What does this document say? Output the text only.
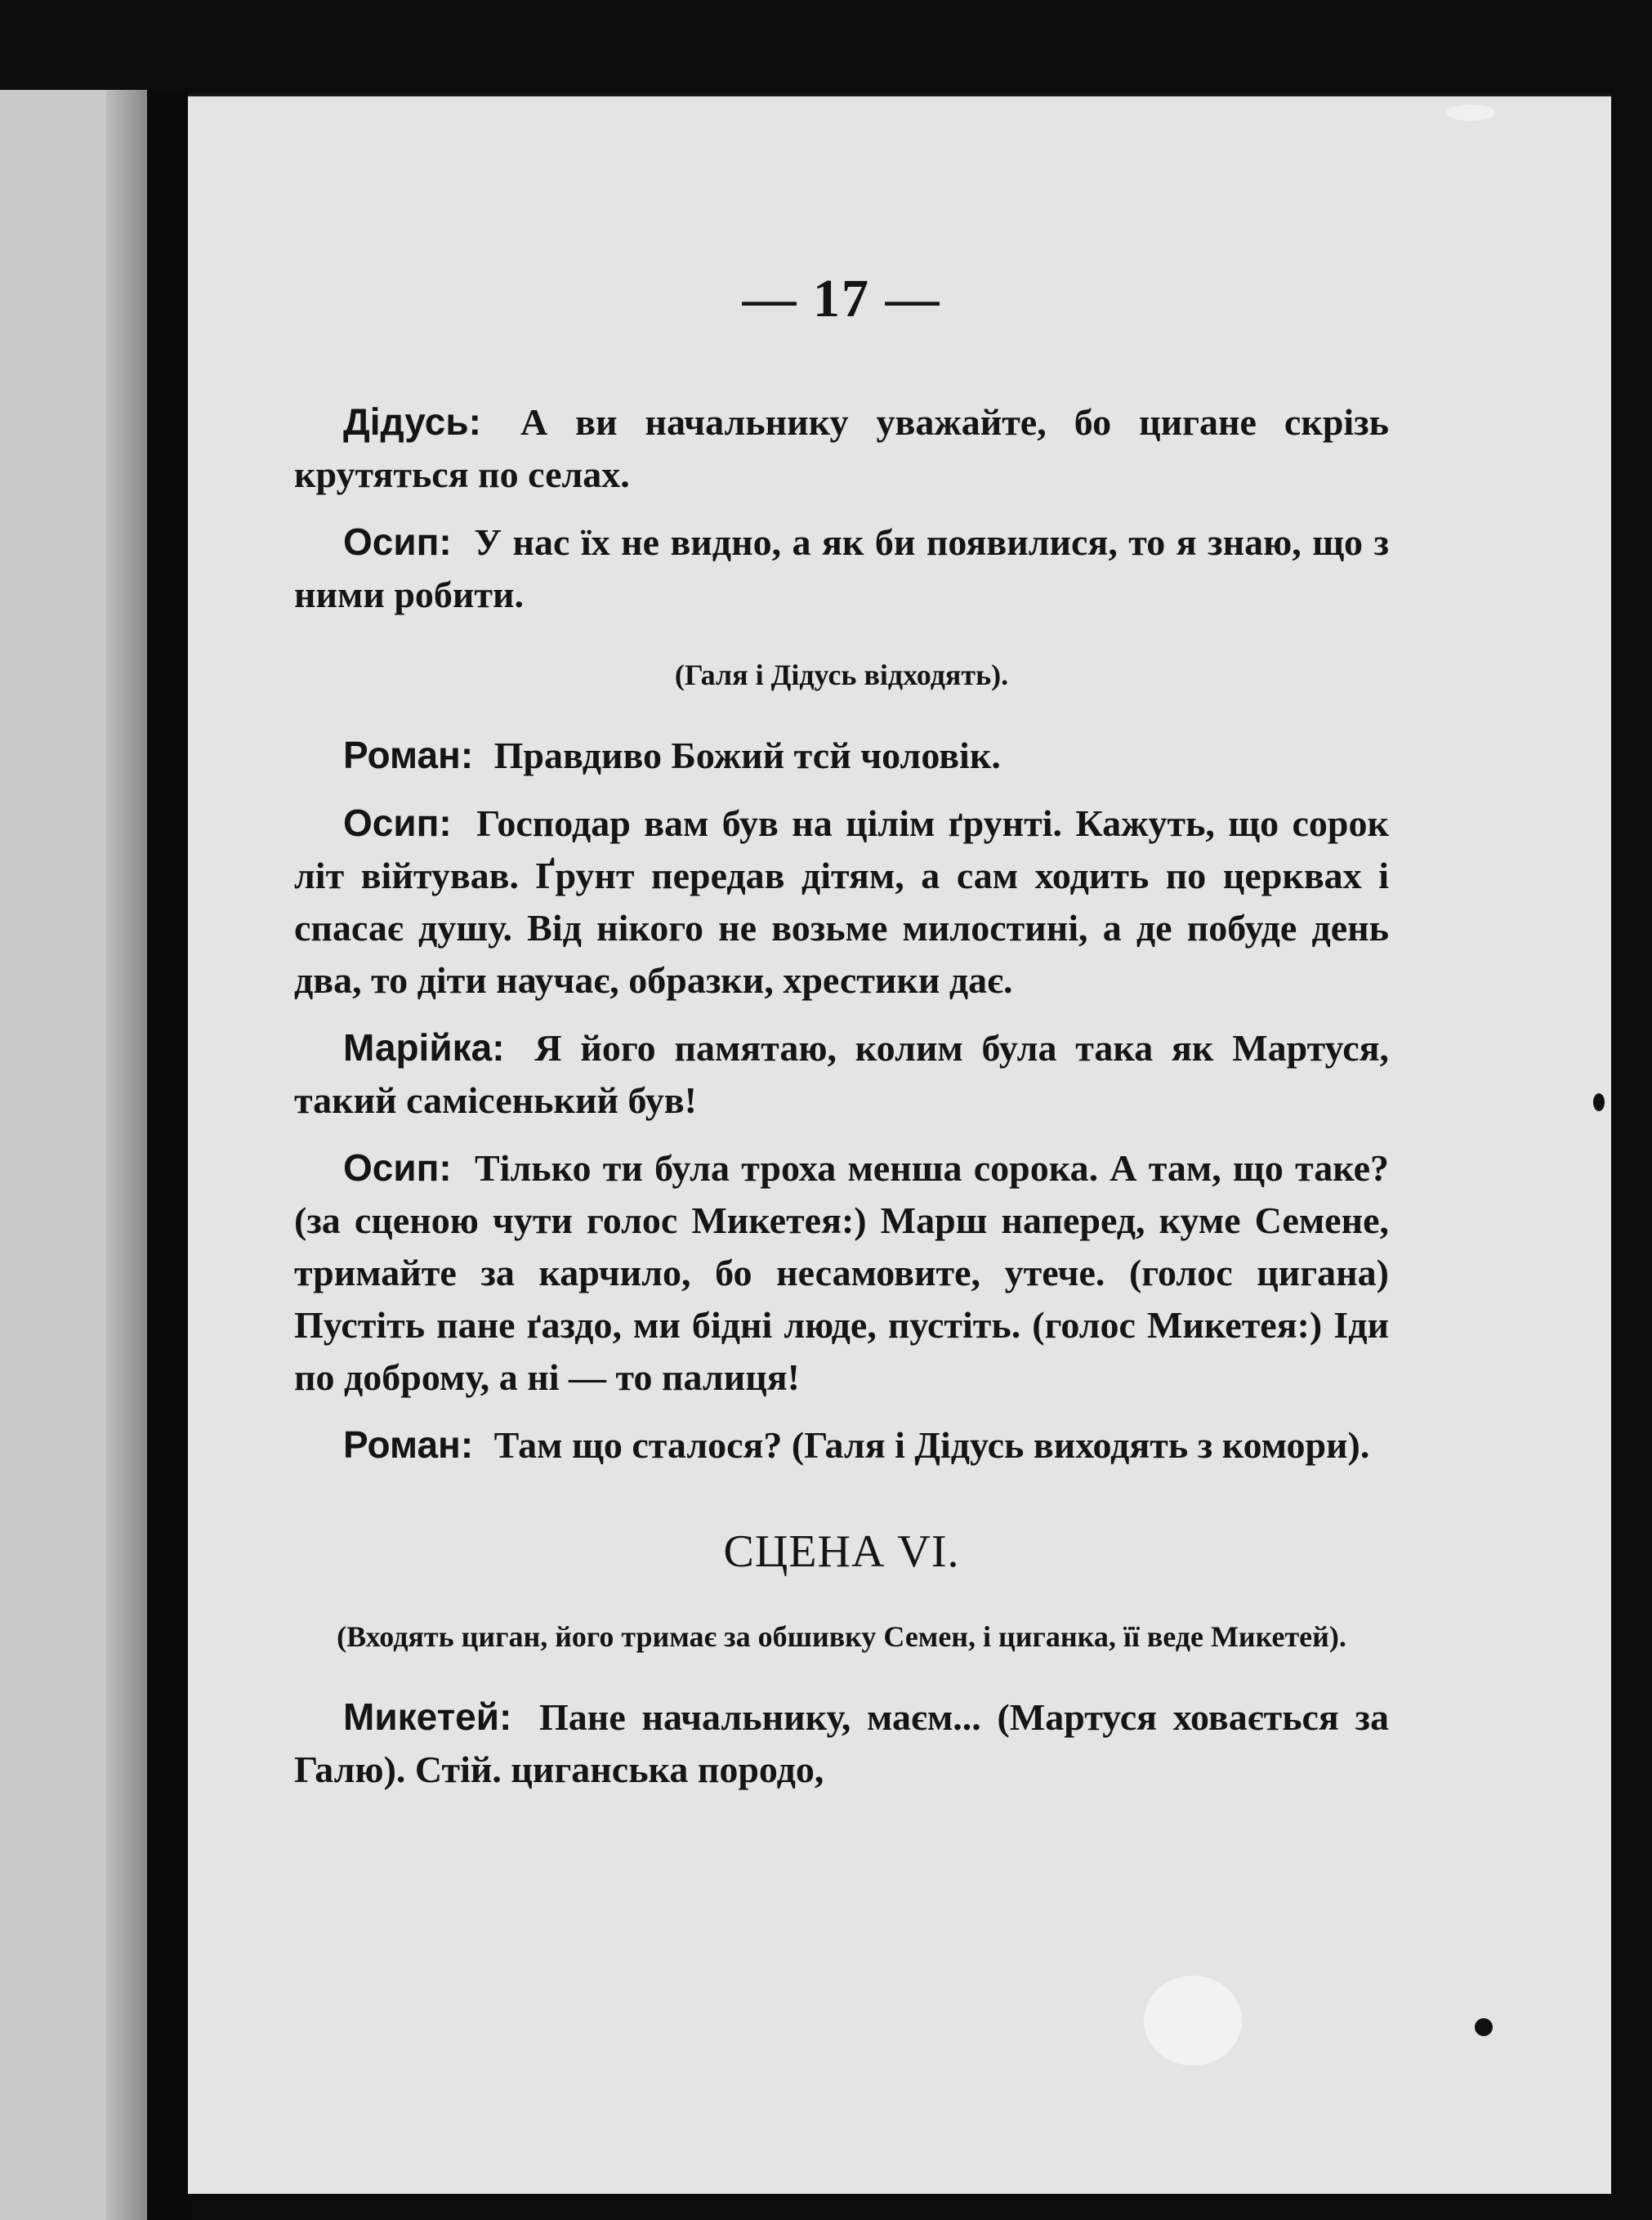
— 17 —

Дідусь: А ви начальнику уважайте, бо цигане скрізь крутяться по селах.

Осип: У нас їх не видно, а як би появилися, то я знаю, що з ними робити.

(Галя і Дідусь відходять).

Роман: Правдиво Божий тсй чоловік.

Осип: Господар вам був на цілім ґрунті. Кажуть, що сорок літ війтував. Ґрунт передав дітям, а сам ходить по церквах і спасає душу. Від нікого не возьме милостині, а де побуде день два, то діти научає, образки, хрестики дає.

Марійка: Я його памятаю, колим була така як Мартуся, такий самісенький був!

Осип: Тілько ти була троха менша сорока. А там, що таке? (за сценою чути голос Микетея:) Марш наперед, куме Семене, тримайте за карчило, бо несамовите, утече. (голос цигана) Пустіть пане ґаздо, ми бідні люде, пустіть. (голос Микетея:) Іди по доброму, а ні — то палиця!

Роман: Там що сталося? (Галя і Дідусь виходять з комори).

СЦЕНА VI.
(Входять циган, його тримає за обшивку Семен, і циганка, її веде Микетей).

Микетей: Пане начальнику, маєм... (Мартуся ховається за Галю). Стій. циганська породо,
